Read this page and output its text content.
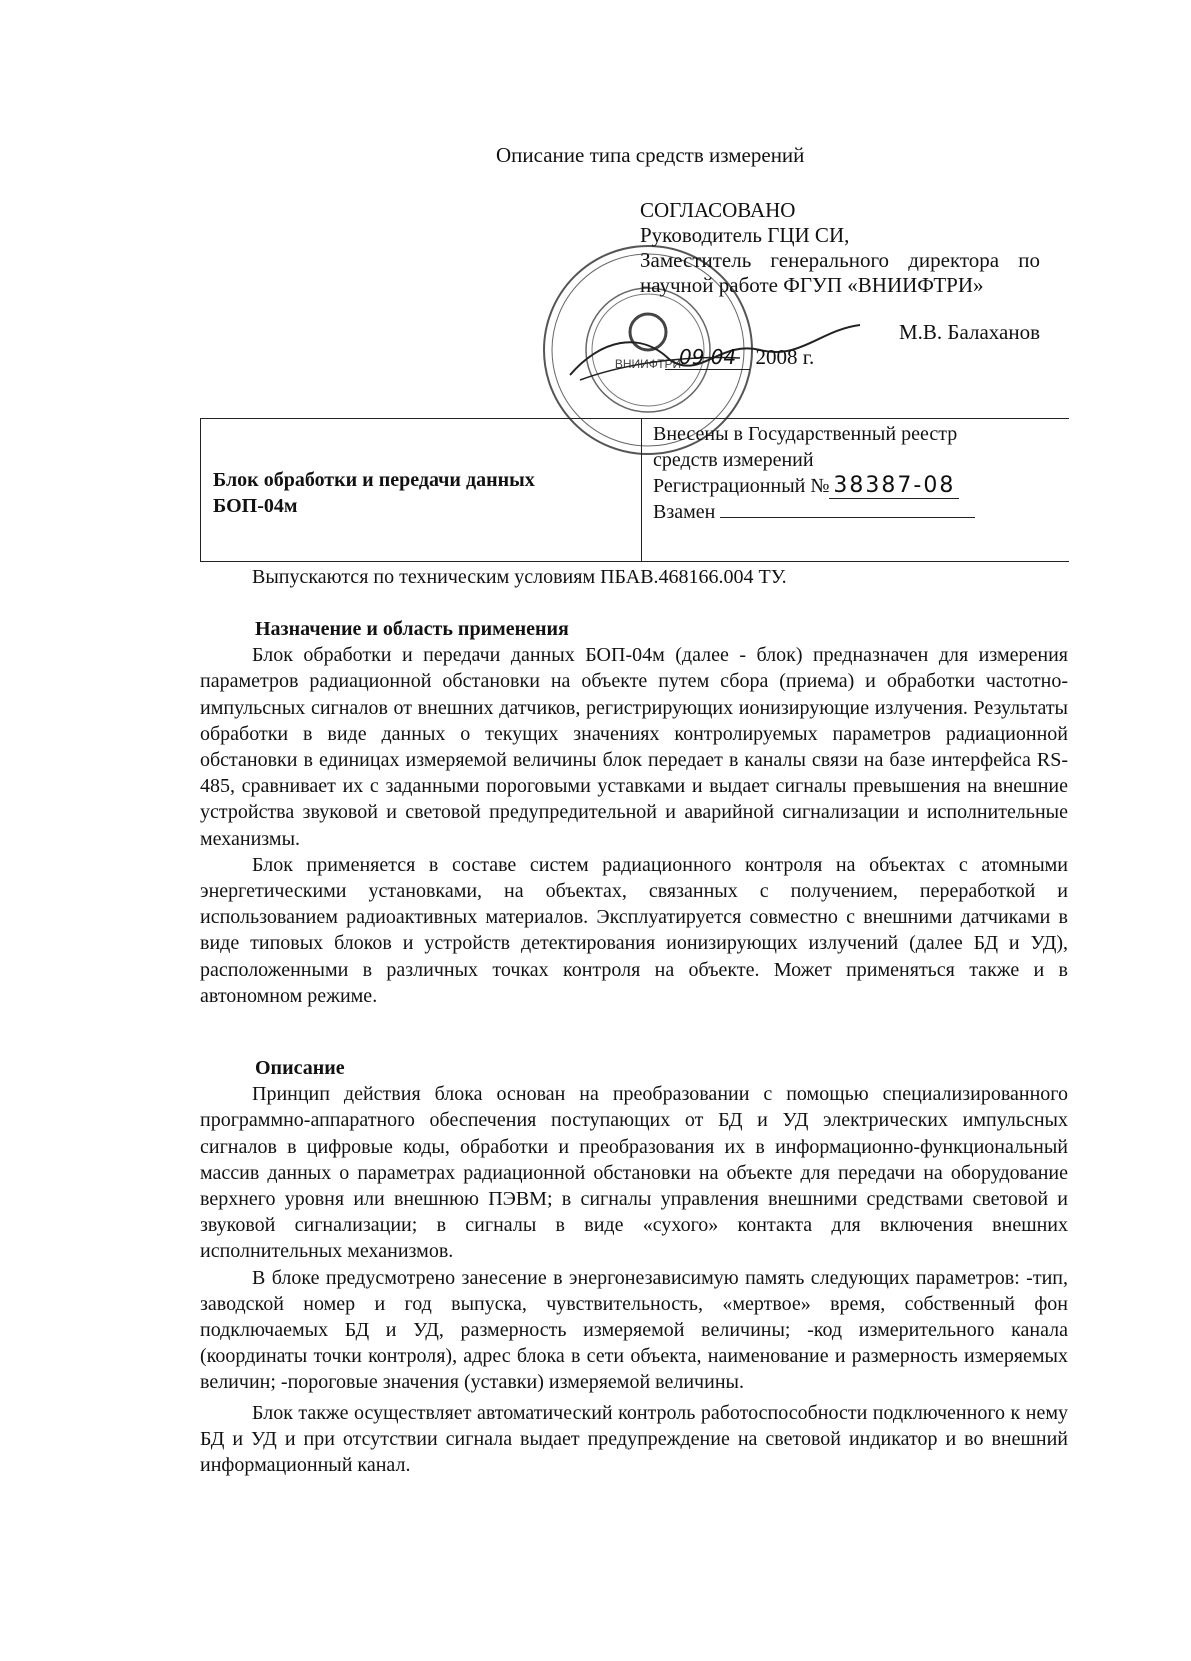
Описание типа средств измерений
ВНИИФТРИ
СОГЛАСОВАНО
Руководитель ГЦИ СИ,
Заместитель генерального директора по
научной работе ФГУП «ВНИИФТРИ»
М.В. Балаханов
09 04 2008 г.
Блок обработки и передачи данных
БОП-04м
Внесены в Государственный реестр
средств измерений
Регистрационный № 38387-08
Взамен
Выпускаются по техническим условиям ПБАВ.468166.004 ТУ.
Назначение и область применения

Блок обработки и передачи данных БОП-04м (далее - блок) предназначен для измерения параметров радиационной обстановки на объекте путем сбора (приема) и обработки частотно-импульсных сигналов от внешних датчиков, регистрирующих ионизирующие излучения. Результаты обработки в виде данных о текущих значениях контролируемых параметров радиационной обстановки в единицах измеряемой величины блок передает в каналы связи на базе интерфейса RS-485, сравнивает их с заданными пороговыми уставками и выдает сигналы превышения на внешние устройства звуковой и световой предупредительной и аварийной сигнализации и исполнительные механизмы.

Блок применяется в составе систем радиационного контроля на объектах с атомными энергетическими установками, на объектах, связанных с получением, переработкой и использованием радиоактивных материалов. Эксплуатируется совместно с внешними датчиками в виде типовых блоков и устройств детектирования ионизирующих излучений (далее БД и УД), расположенными в различных точках контроля на объекте. Может применяться также и в автономном режиме.

Описание

Принцип действия блока основан на преобразовании с помощью специализированного программно-аппаратного обеспечения поступающих от БД и УД электрических импульсных сигналов в цифровые коды, обработки и преобразования их в информационно-функциональный массив данных о параметрах радиационной обстановки на объекте для передачи на оборудование верхнего уровня или внешнюю ПЭВМ; в сигналы управления внешними средствами световой и звуковой сигнализации; в сигналы в виде «сухого» контакта для включения внешних исполнительных механизмов.

В блоке предусмотрено занесение в энергонезависимую память следующих параметров: -тип, заводской номер и год выпуска, чувствительность, «мертвое» время, собственный фон подключаемых БД и УД, размерность измеряемой величины; -код измерительного канала (координаты точки контроля), адрес блока в сети объекта, наименование и размерность измеряемых величин; -пороговые значения (уставки) измеряемой величины.

Блок также осуществляет автоматический контроль работоспособности подключенного к нему БД и УД и при отсутствии сигнала выдает предупреждение на световой индикатор и во внешний информационный канал.
